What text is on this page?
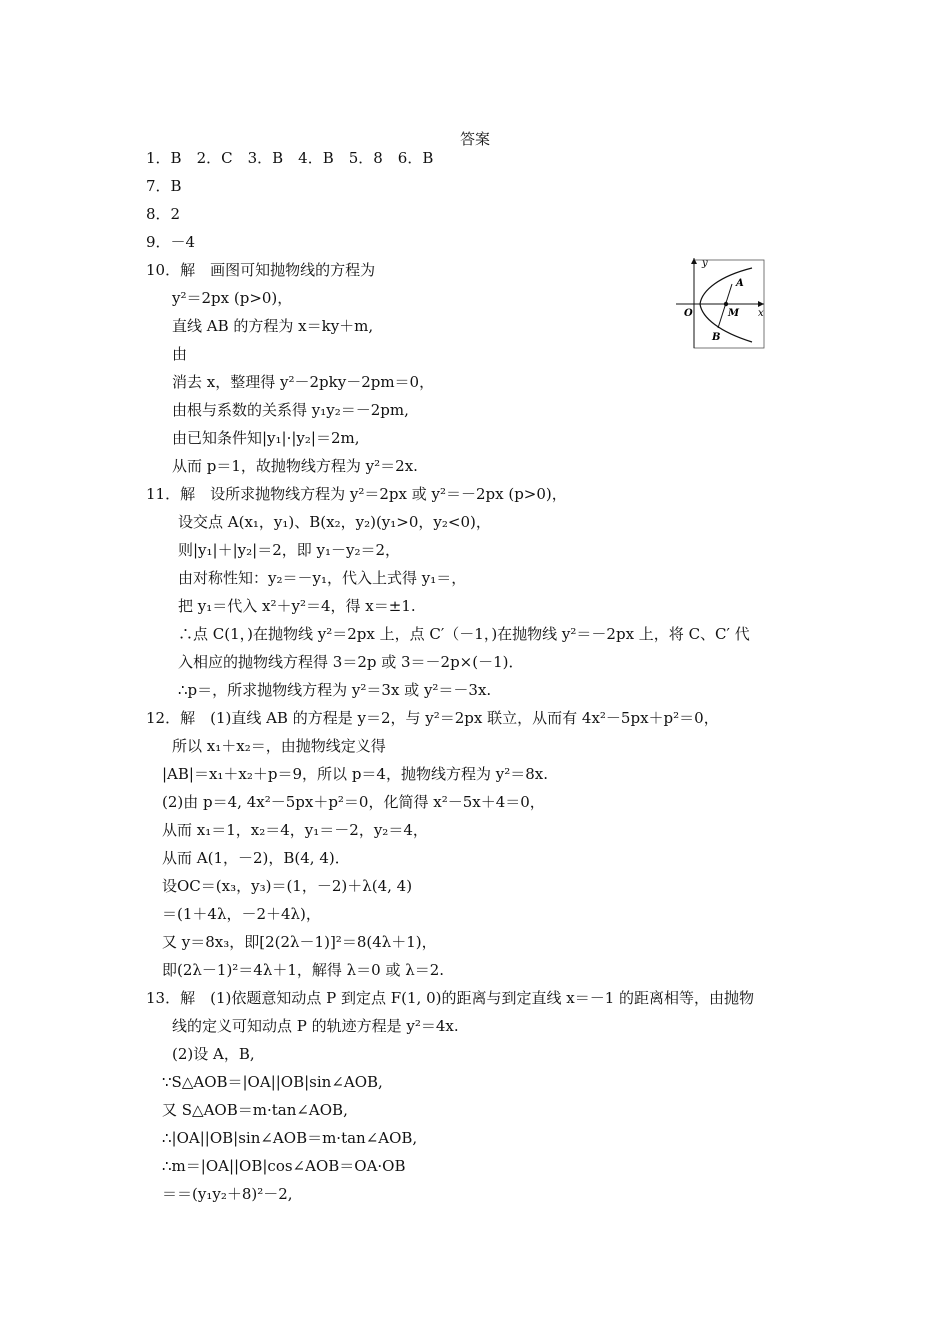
答案
1．B　2．C　3．B　4．B　5．8　6．B
7．B
8．2
9．－4
10．解　画图可知抛物线的方程为
y²＝2px (p>0)，
直线 AB 的方程为 x＝ky＋m,
由
消去 x，整理得 y²－2pky－2pm＝0，
由根与系数的关系得 y₁y₂＝－2pm,
由已知条件知|y₁|·|y₂|＝2m,
从而 p＝1，故抛物线方程为 y²＝2x.
11．解　设所求抛物线方程为 y²＝2px 或 y²＝－2px (p>0)，
设交点 A(x₁，y₁)、B(x₂，y₂)(y₁>0，y₂<0)，
则|y₁|＋|y₂|＝2，即 y₁－y₂＝2，
由对称性知：y₂＝－y₁，代入上式得 y₁＝，
把 y₁＝代入 x²＋y²＝4，得 x＝±1.
∴点 C(1，)在抛物线 y²＝2px 上，点 C′（－1，)在抛物线 y²＝－2px 上，将 C、C′ 代
入相应的抛物线方程得 3＝2p 或 3＝－2p×(－1)．
∴p＝，所求抛物线方程为 y²＝3x 或 y²＝－3x.
12．解　(1)直线 AB 的方程是 y＝2，与 y²＝2px 联立，从而有 4x²－5px＋p²＝0，
所以 x₁＋x₂＝，由抛物线定义得
|AB|＝x₁＋x₂＋p＝9，所以 p＝4，抛物线方程为 y²＝8x.
(2)由 p＝4, 4x²－5px＋p²＝0，化简得 x²－5x＋4＝0，
从而 x₁＝1，x₂＝4，y₁＝－2，y₂＝4，
从而 A(1，－2)，B(4, 4)．
设OC＝(x₃，y₃)＝(1，－2)＋λ(4, 4)
＝(1＋4λ，－2＋4λ)，
又 y＝8x₃，即[2(2λ－1)]²＝8(4λ＋1)，
即(2λ－1)²＝4λ＋1，解得 λ＝0 或 λ＝2.
13．解　(1)依题意知动点 P 到定点 F(1, 0)的距离与到定直线 x＝－1 的距离相等，由抛物
线的定义可知动点 P 的轨迹方程是 y²＝4x.
(2)设 A，B,
∵S△AOB＝|OA||OB|sin∠AOB,
又 S△AOB＝m·tan∠AOB,
∴|OA||OB|sin∠AOB＝m·tan∠AOB,
∴m＝|OA||OB|cos∠AOB＝OA·OB
＝＝(y₁y₂＋8)²－2,
y
x
O
A
M
B
